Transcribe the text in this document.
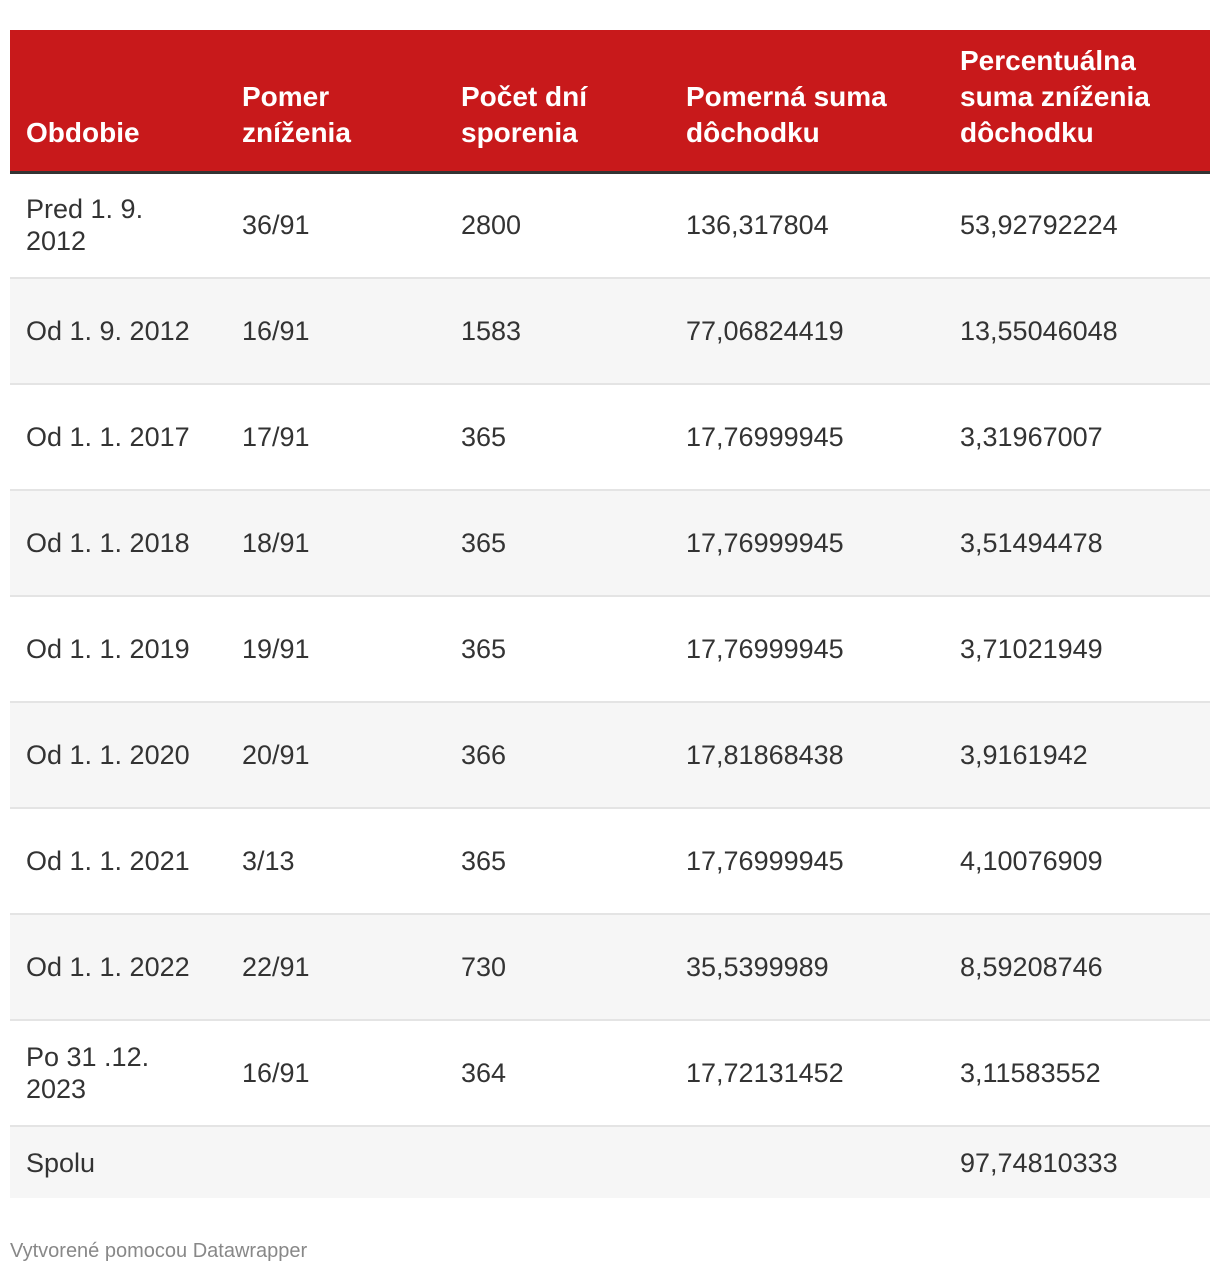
Obdobie	Pomer zníženia	Počet dní sporenia	Pomerná suma dôchodku	Percentuálna suma zníženia dôchodku
Pred 1. 9. 2012	36/91	2800	136,317804	53,92792224
Od 1. 9. 2012	16/91	1583	77,06824419	13,55046048
Od 1. 1. 2017	17/91	365	17,76999945	3,31967007
Od 1. 1. 2018	18/91	365	17,76999945	3,51494478
Od 1. 1. 2019	19/91	365	17,76999945	3,71021949
Od 1. 1. 2020	20/91	366	17,81868438	3,9161942
Od 1. 1. 2021	3/13	365	17,76999945	4,10076909
Od 1. 1. 2022	22/91	730	35,5399989	8,59208746
Po 31 .12. 2023	16/91	364	17,72131452	3,11583552
Spolu				97,74810333
Vytvorené pomocou Datawrapper
